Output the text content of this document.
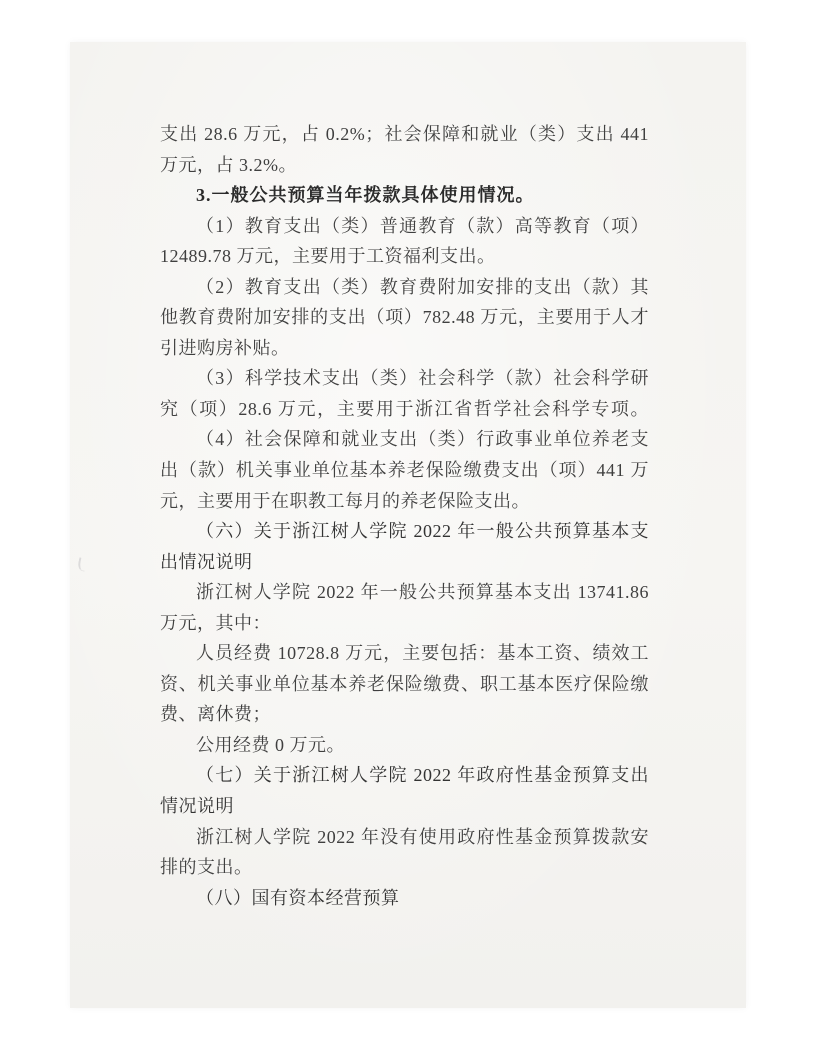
支出 28.6 万元，占 0.2%；社会保障和就业（类）支出 441
万元，占 3.2%。
3.一般公共预算当年拨款具体使用情况。
（1）教育支出（类）普通教育（款）高等教育（项）
12489.78 万元，主要用于工资福利支出。
（2）教育支出（类）教育费附加安排的支出（款）其
他教育费附加安排的支出（项）782.48 万元，主要用于人才
引进购房补贴。
（3）科学技术支出（类）社会科学（款）社会科学研
究（项）28.6 万元，主要用于浙江省哲学社会科学专项。
（4）社会保障和就业支出（类）行政事业单位养老支
出（款）机关事业单位基本养老保险缴费支出（项）441 万
元，主要用于在职教工每月的养老保险支出。
（六）关于浙江树人学院 2022 年一般公共预算基本支
出情况说明
浙江树人学院 2022 年一般公共预算基本支出 13741.86
万元，其中：
人员经费 10728.8 万元，主要包括：基本工资、绩效工
资、机关事业单位基本养老保险缴费、职工基本医疗保险缴
费、离休费；
公用经费 0 万元。
（七）关于浙江树人学院 2022 年政府性基金预算支出
情况说明
浙江树人学院 2022 年没有使用政府性基金预算拨款安
排的支出。
（八）国有资本经营预算
